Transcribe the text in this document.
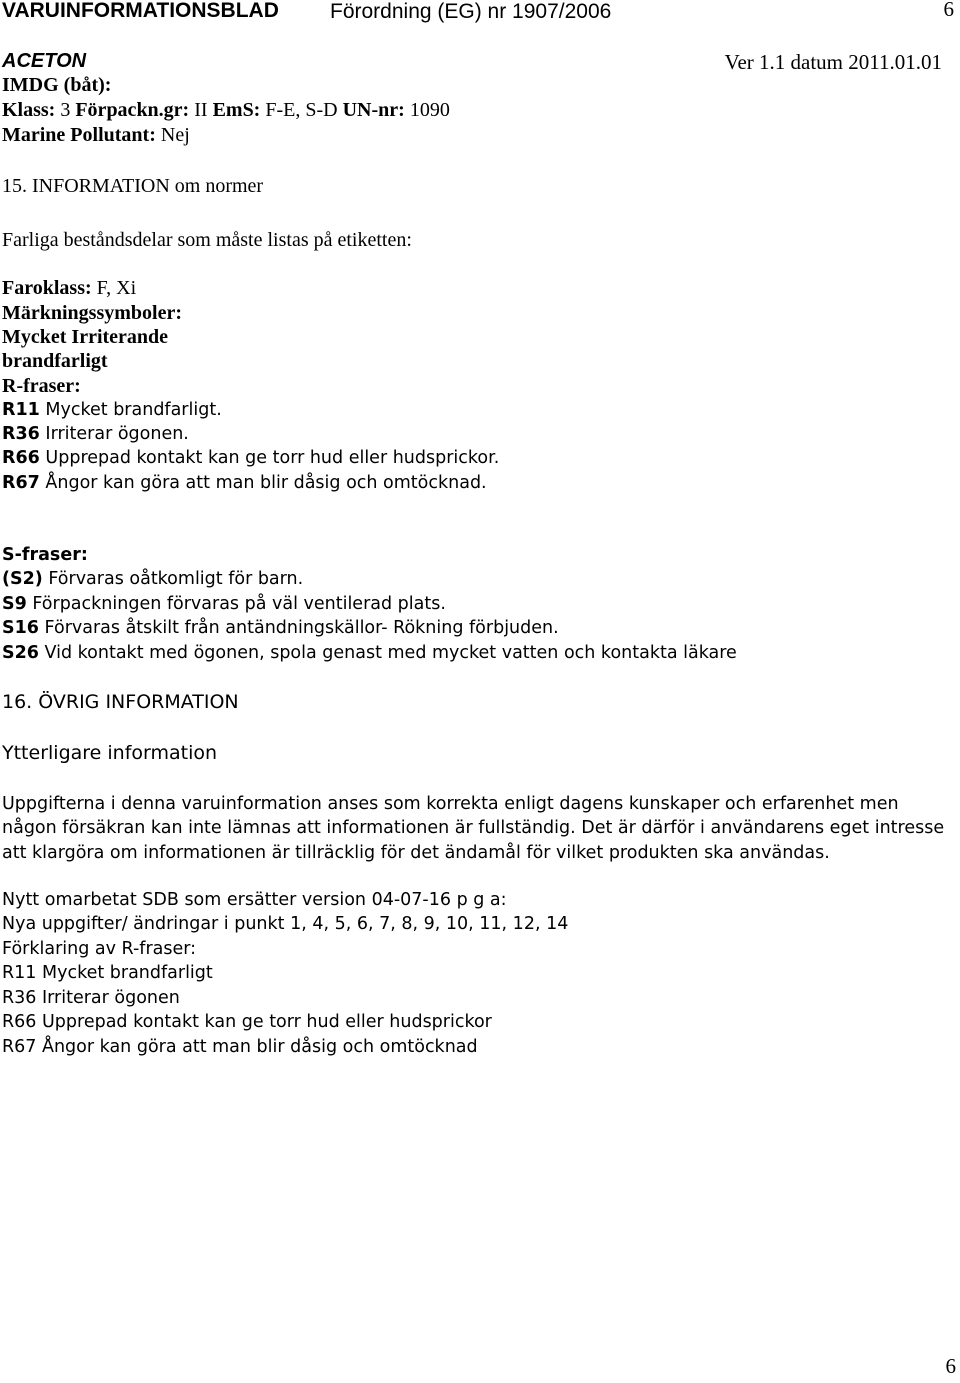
VARUINFORMATIONSBLAD Förordning (EG) nr 1907/2006	6
ACETON	Ver 1.1 datum 2011.01.01
IMDG (båt):
Klass: 3 Förpackn.gr: II EmS: F-E, S-D UN-nr: 1090
Marine Pollutant: Nej
15. INFORMATION om normer
Farliga beståndsdelar som måste listas på etiketten:
Faroklass: F, Xi
Märkningssymboler:
Mycket Irriterande
brandfarligt
R-fraser:
R11 Mycket brandfarligt.
R36 Irriterar ögonen.
R66 Upprepad kontakt kan ge torr hud eller hudsprickor.
R67 Ångor kan göra att man blir dåsig och omtöcknad.
S-fraser:
(S2) Förvaras oåtkomligt för barn.
S9 Förpackningen förvaras på väl ventilerad plats.
S16 Förvaras åtskilt från antändningskällor- Rökning förbjuden.
S26 Vid kontakt med ögonen, spola genast med mycket vatten och kontakta läkare
16. ÖVRIG INFORMATION
Ytterligare information
Uppgifterna i denna varuinformation anses som korrekta enligt dagens kunskaper och erfarenhet men
någon försäkran kan inte lämnas att informationen är fullständig. Det är därför i användarens eget intresse
att klargöra om informationen är tillräcklig för det ändamål för vilket produkten ska användas.
Nytt omarbetat SDB som ersätter version 04-07-16 p g a:
Nya uppgifter/ ändringar i punkt 1, 4, 5, 6, 7, 8, 9, 10, 11, 12, 14
Förklaring av R-fraser:
R11 Mycket brandfarligt
R36 Irriterar ögonen
R66 Upprepad kontakt kan ge torr hud eller hudsprickor
R67 Ångor kan göra att man blir dåsig och omtöcknad
6
